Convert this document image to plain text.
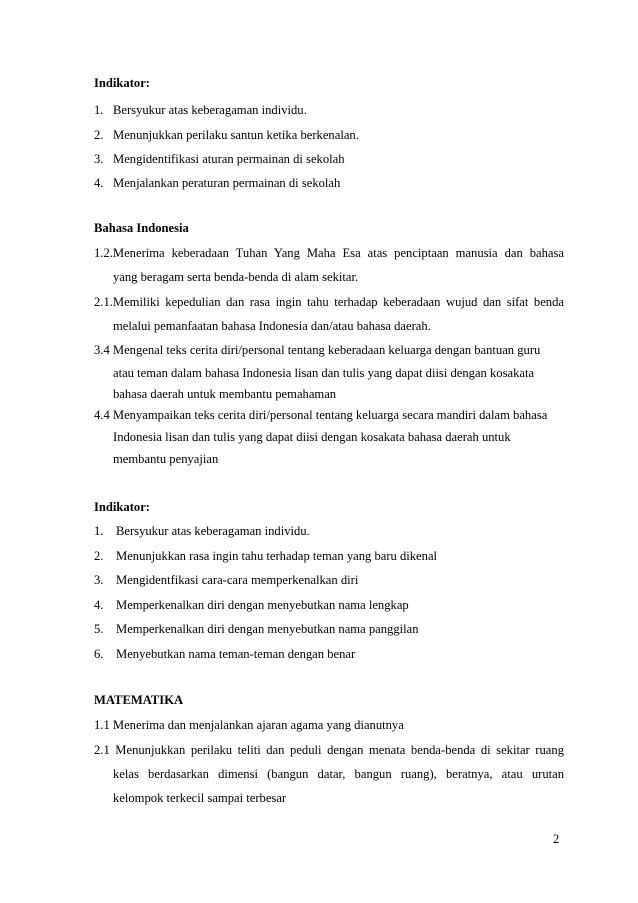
Indikator:
1. Bersyukur atas keberagaman individu.
2. Menunjukkan perilaku santun ketika berkenalan.
3. Mengidentifikasi aturan permainan di sekolah
4. Menjalankan peraturan permainan di sekolah
Bahasa Indonesia
1.2.Menerima keberadaan Tuhan Yang Maha Esa atas penciptaan manusia dan bahasa
yang beragam serta benda-benda di alam sekitar.
2.1.Memiliki kepedulian dan rasa ingin tahu terhadap keberadaan wujud dan sifat benda
melalui pemanfaatan bahasa Indonesia dan/atau bahasa daerah.
3.4 Mengenal teks cerita diri/personal tentang keberadaan keluarga dengan bantuan guru
atau teman dalam bahasa Indonesia lisan dan tulis yang dapat diisi dengan kosakata
bahasa daerah untuk membantu pemahaman
4.4 Menyampaikan teks cerita diri/personal tentang keluarga secara mandiri dalam bahasa
Indonesia lisan dan tulis yang dapat diisi dengan kosakata bahasa daerah untuk
membantu penyajian
Indikator:
1. Bersyukur atas keberagaman individu.
2. Menunjukkan rasa ingin tahu terhadap teman yang baru dikenal
3. Mengidentfikasi cara-cara memperkenalkan diri
4. Memperkenalkan diri dengan menyebutkan nama lengkap
5. Memperkenalkan diri dengan menyebutkan nama panggilan
6. Menyebutkan nama teman-teman dengan benar
MATEMATIKA
1.1 Menerima dan menjalankan ajaran agama yang dianutnya
2.1 Menunjukkan perilaku teliti dan peduli dengan menata benda-benda di sekitar ruang
kelas berdasarkan dimensi (bangun datar, bangun ruang), beratnya, atau urutan
kelompok terkecil sampai terbesar
2
